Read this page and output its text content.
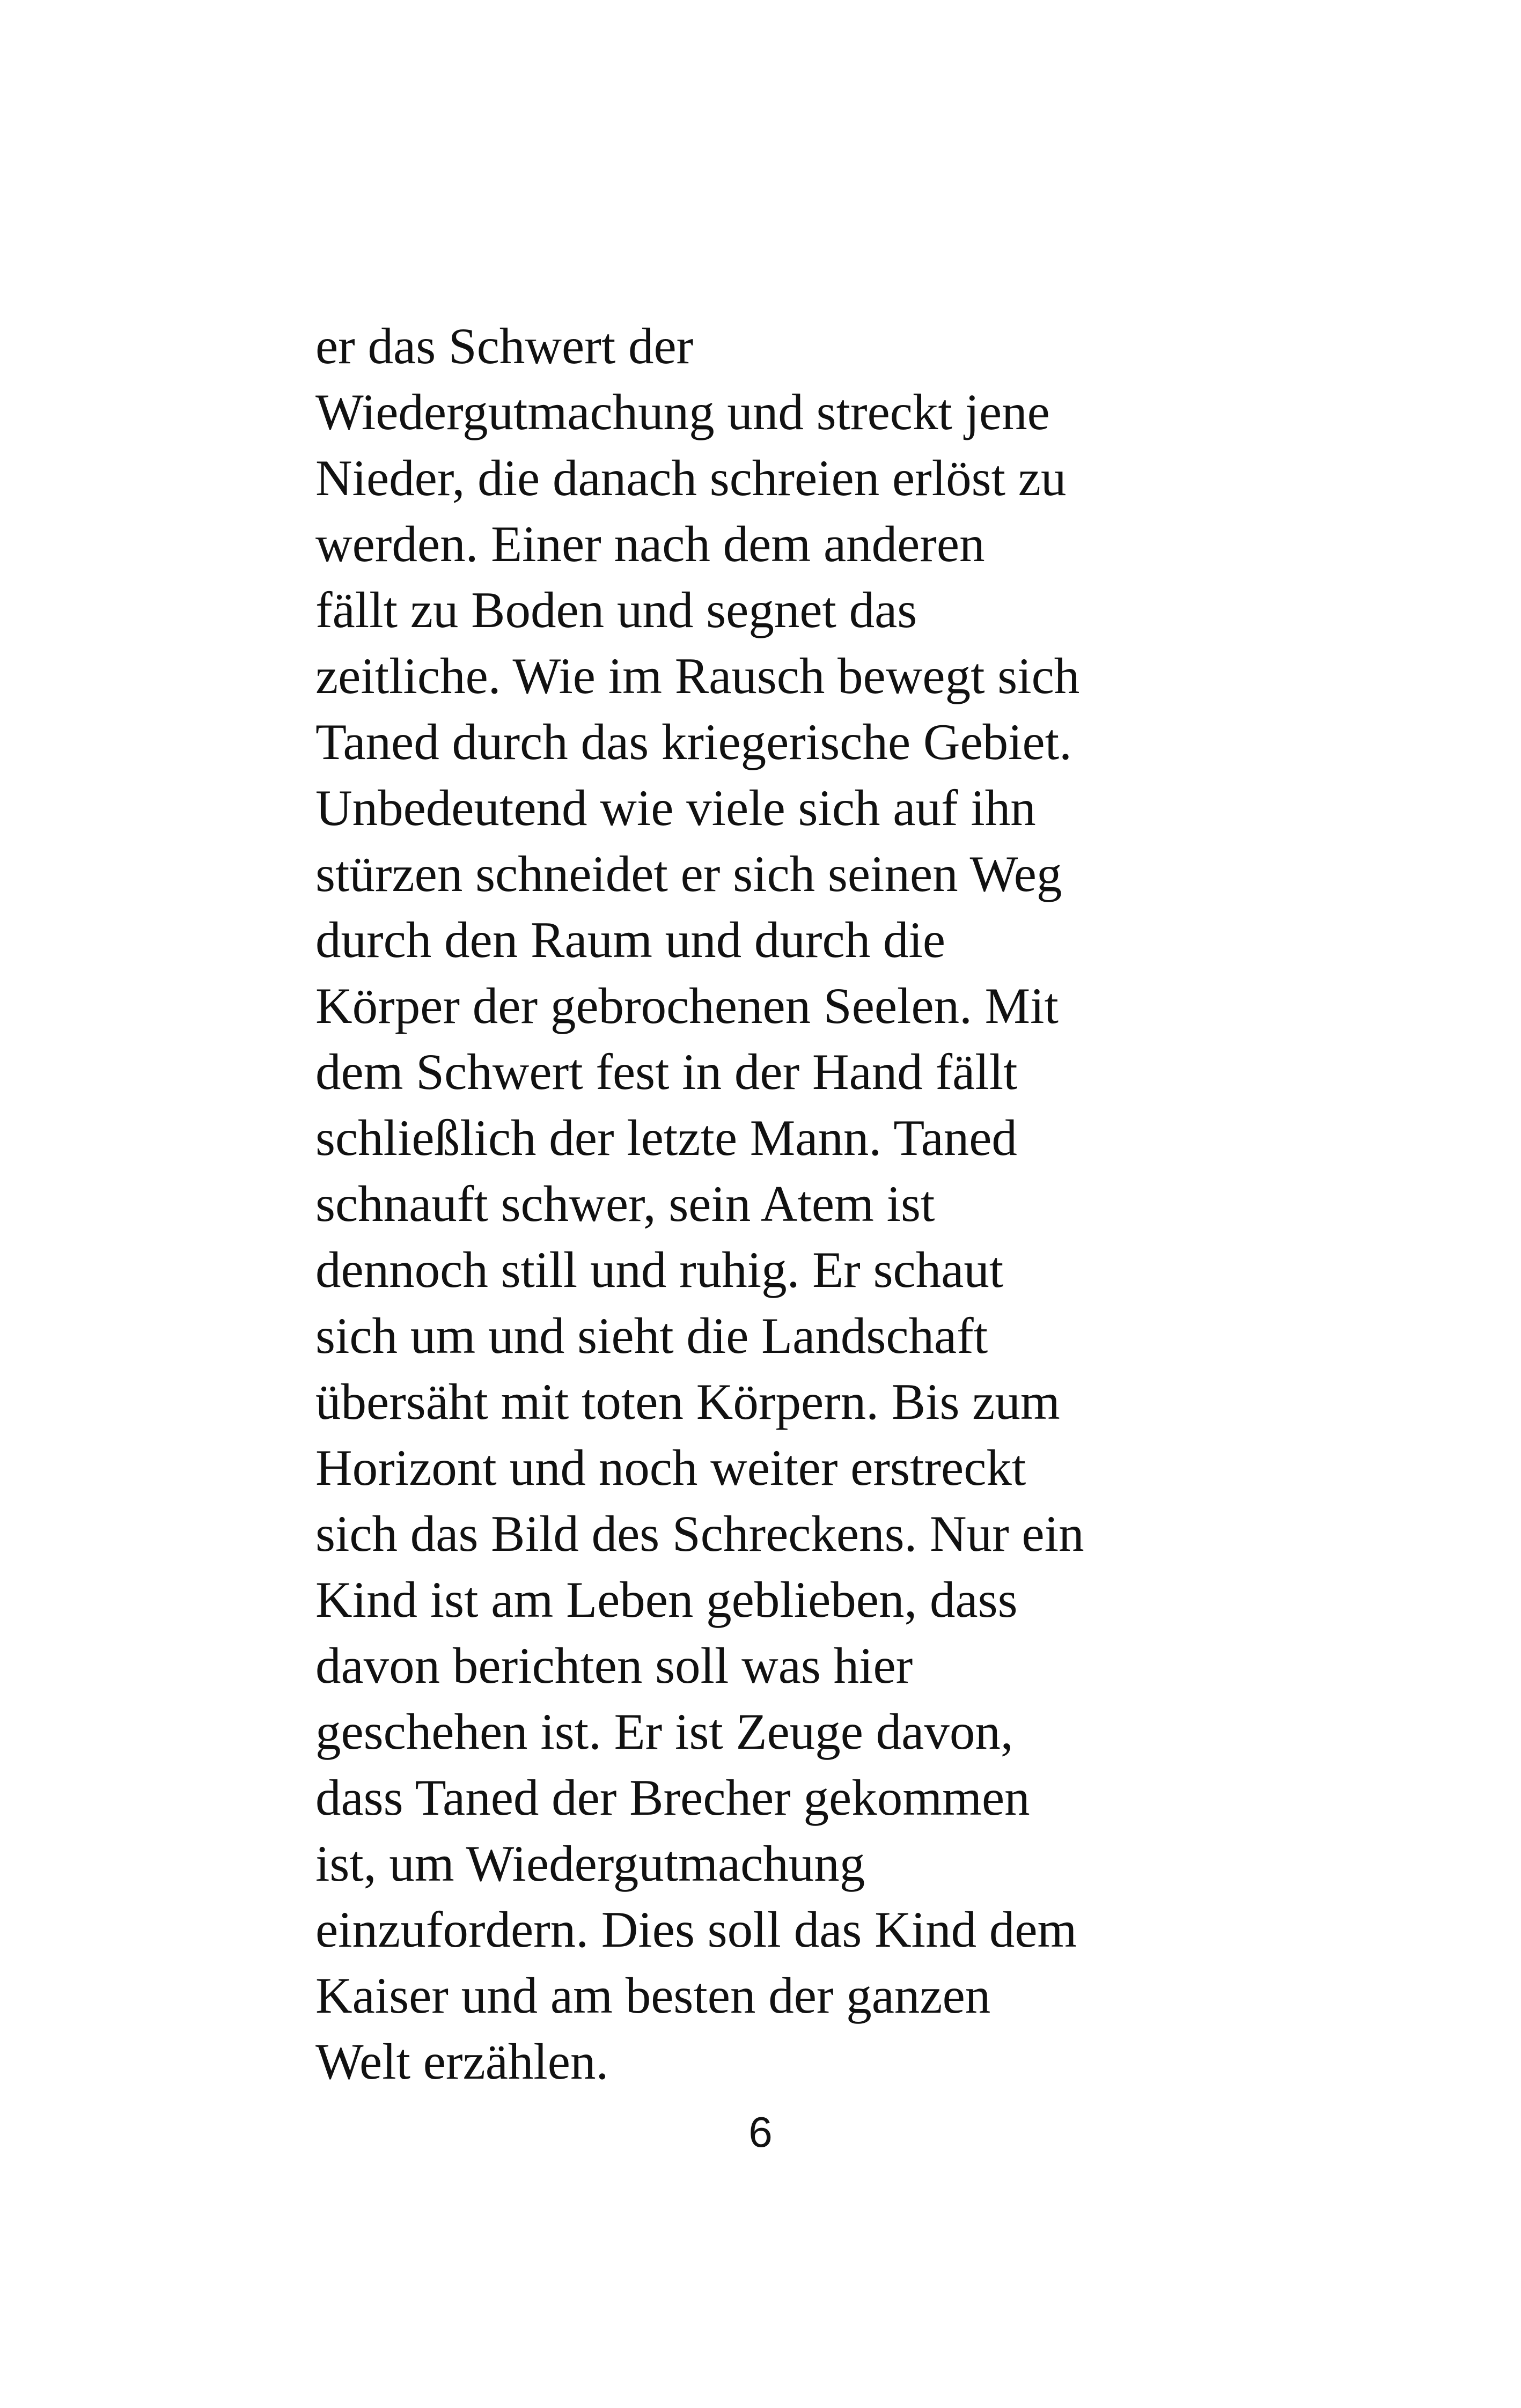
er das Schwert der
Wiedergutmachung und streckt jene
Nieder, die danach schreien erlöst zu
werden. Einer nach dem anderen
fällt zu Boden und segnet das
zeitliche. Wie im Rausch bewegt sich
Taned durch das kriegerische Gebiet.
Unbedeutend wie viele sich auf ihn
stürzen schneidet er sich seinen Weg
durch den Raum und durch die
Körper der gebrochenen Seelen. Mit
dem Schwert fest in der Hand fällt
schließlich der letzte Mann. Taned
schnauft schwer, sein Atem ist
dennoch still und ruhig. Er schaut
sich um und sieht die Landschaft
übersäht mit toten Körpern. Bis zum
Horizont und noch weiter erstreckt
sich das Bild des Schreckens. Nur ein
Kind ist am Leben geblieben, dass
davon berichten soll was hier
geschehen ist. Er ist Zeuge davon,
dass Taned der Brecher gekommen
ist, um Wiedergutmachung
einzufordern. Dies soll das Kind dem
Kaiser und am besten der ganzen
Welt erzählen.
6
